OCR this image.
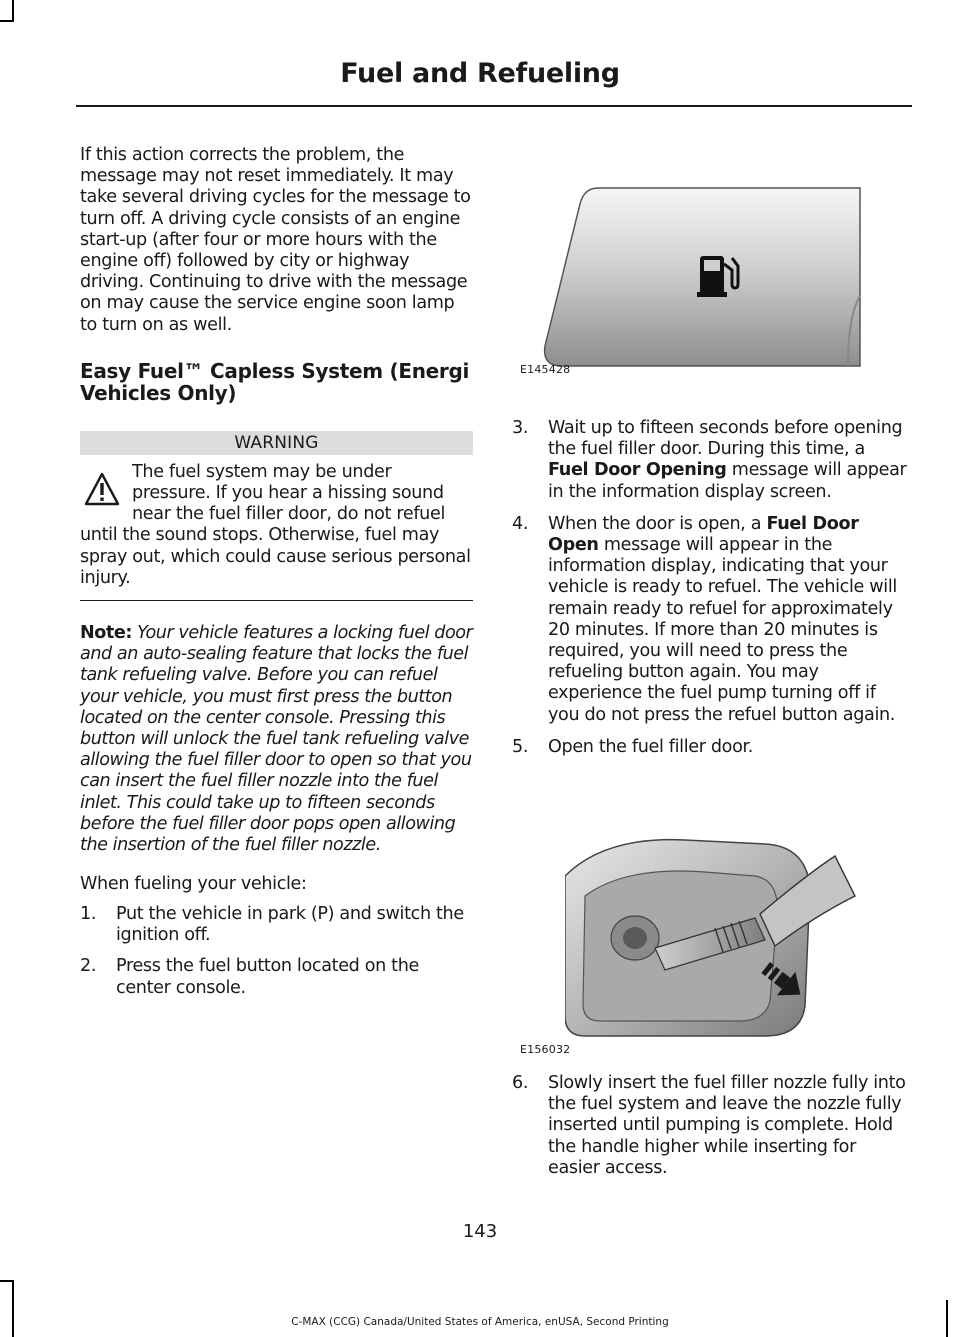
Fuel and Refueling

If this action corrects the problem, the message may not reset immediately. It may take several driving cycles for the message to turn off. A driving cycle consists of an engine start-up (after four or more hours with the engine off) followed by city or highway driving. Continuing to drive with the message on may cause the service engine soon lamp to turn on as well.

Easy Fuel™ Capless System (Energi Vehicles Only)
WARNING
The fuel system may be under pressure. If you hear a hissing sound near the fuel filler door, do not refuel until the sound stops. Otherwise, fuel may spray out, which could cause serious personal injury.

Note: Your vehicle features a locking fuel door and an auto-sealing feature that locks the fuel tank refueling valve. Before you can refuel your vehicle, you must first press the button located on the center console. Pressing this button will unlock the fuel tank refueling valve allowing the fuel filler door to open so that you can insert the fuel filler nozzle into the fuel inlet. This could take up to fifteen seconds before the fuel filler door pops open allowing the insertion of the fuel filler nozzle.

When fueling your vehicle:

1. Put the vehicle in park (P) and switch the ignition off.
2. Press the fuel button located on the center console.
E145428
3. Wait up to fifteen seconds before opening the fuel filler door. During this time, a Fuel Door Opening message will appear in the information display screen.
4. When the door is open, a Fuel Door Open message will appear in the information display, indicating that your vehicle is ready to refuel. The vehicle will remain ready to refuel for approximately 20 minutes. If more than 20 minutes is required, you will need to press the refueling button again. You may experience the fuel pump turning off if you do not press the refuel button again.
5. Open the fuel filler door.
E156032
6. Slowly insert the fuel filler nozzle fully into the fuel system and leave the nozzle fully inserted until pumping is complete. Hold the handle higher while inserting for easier access.
143
C-MAX (CCG) Canada/United States of America, enUSA, Second Printing
